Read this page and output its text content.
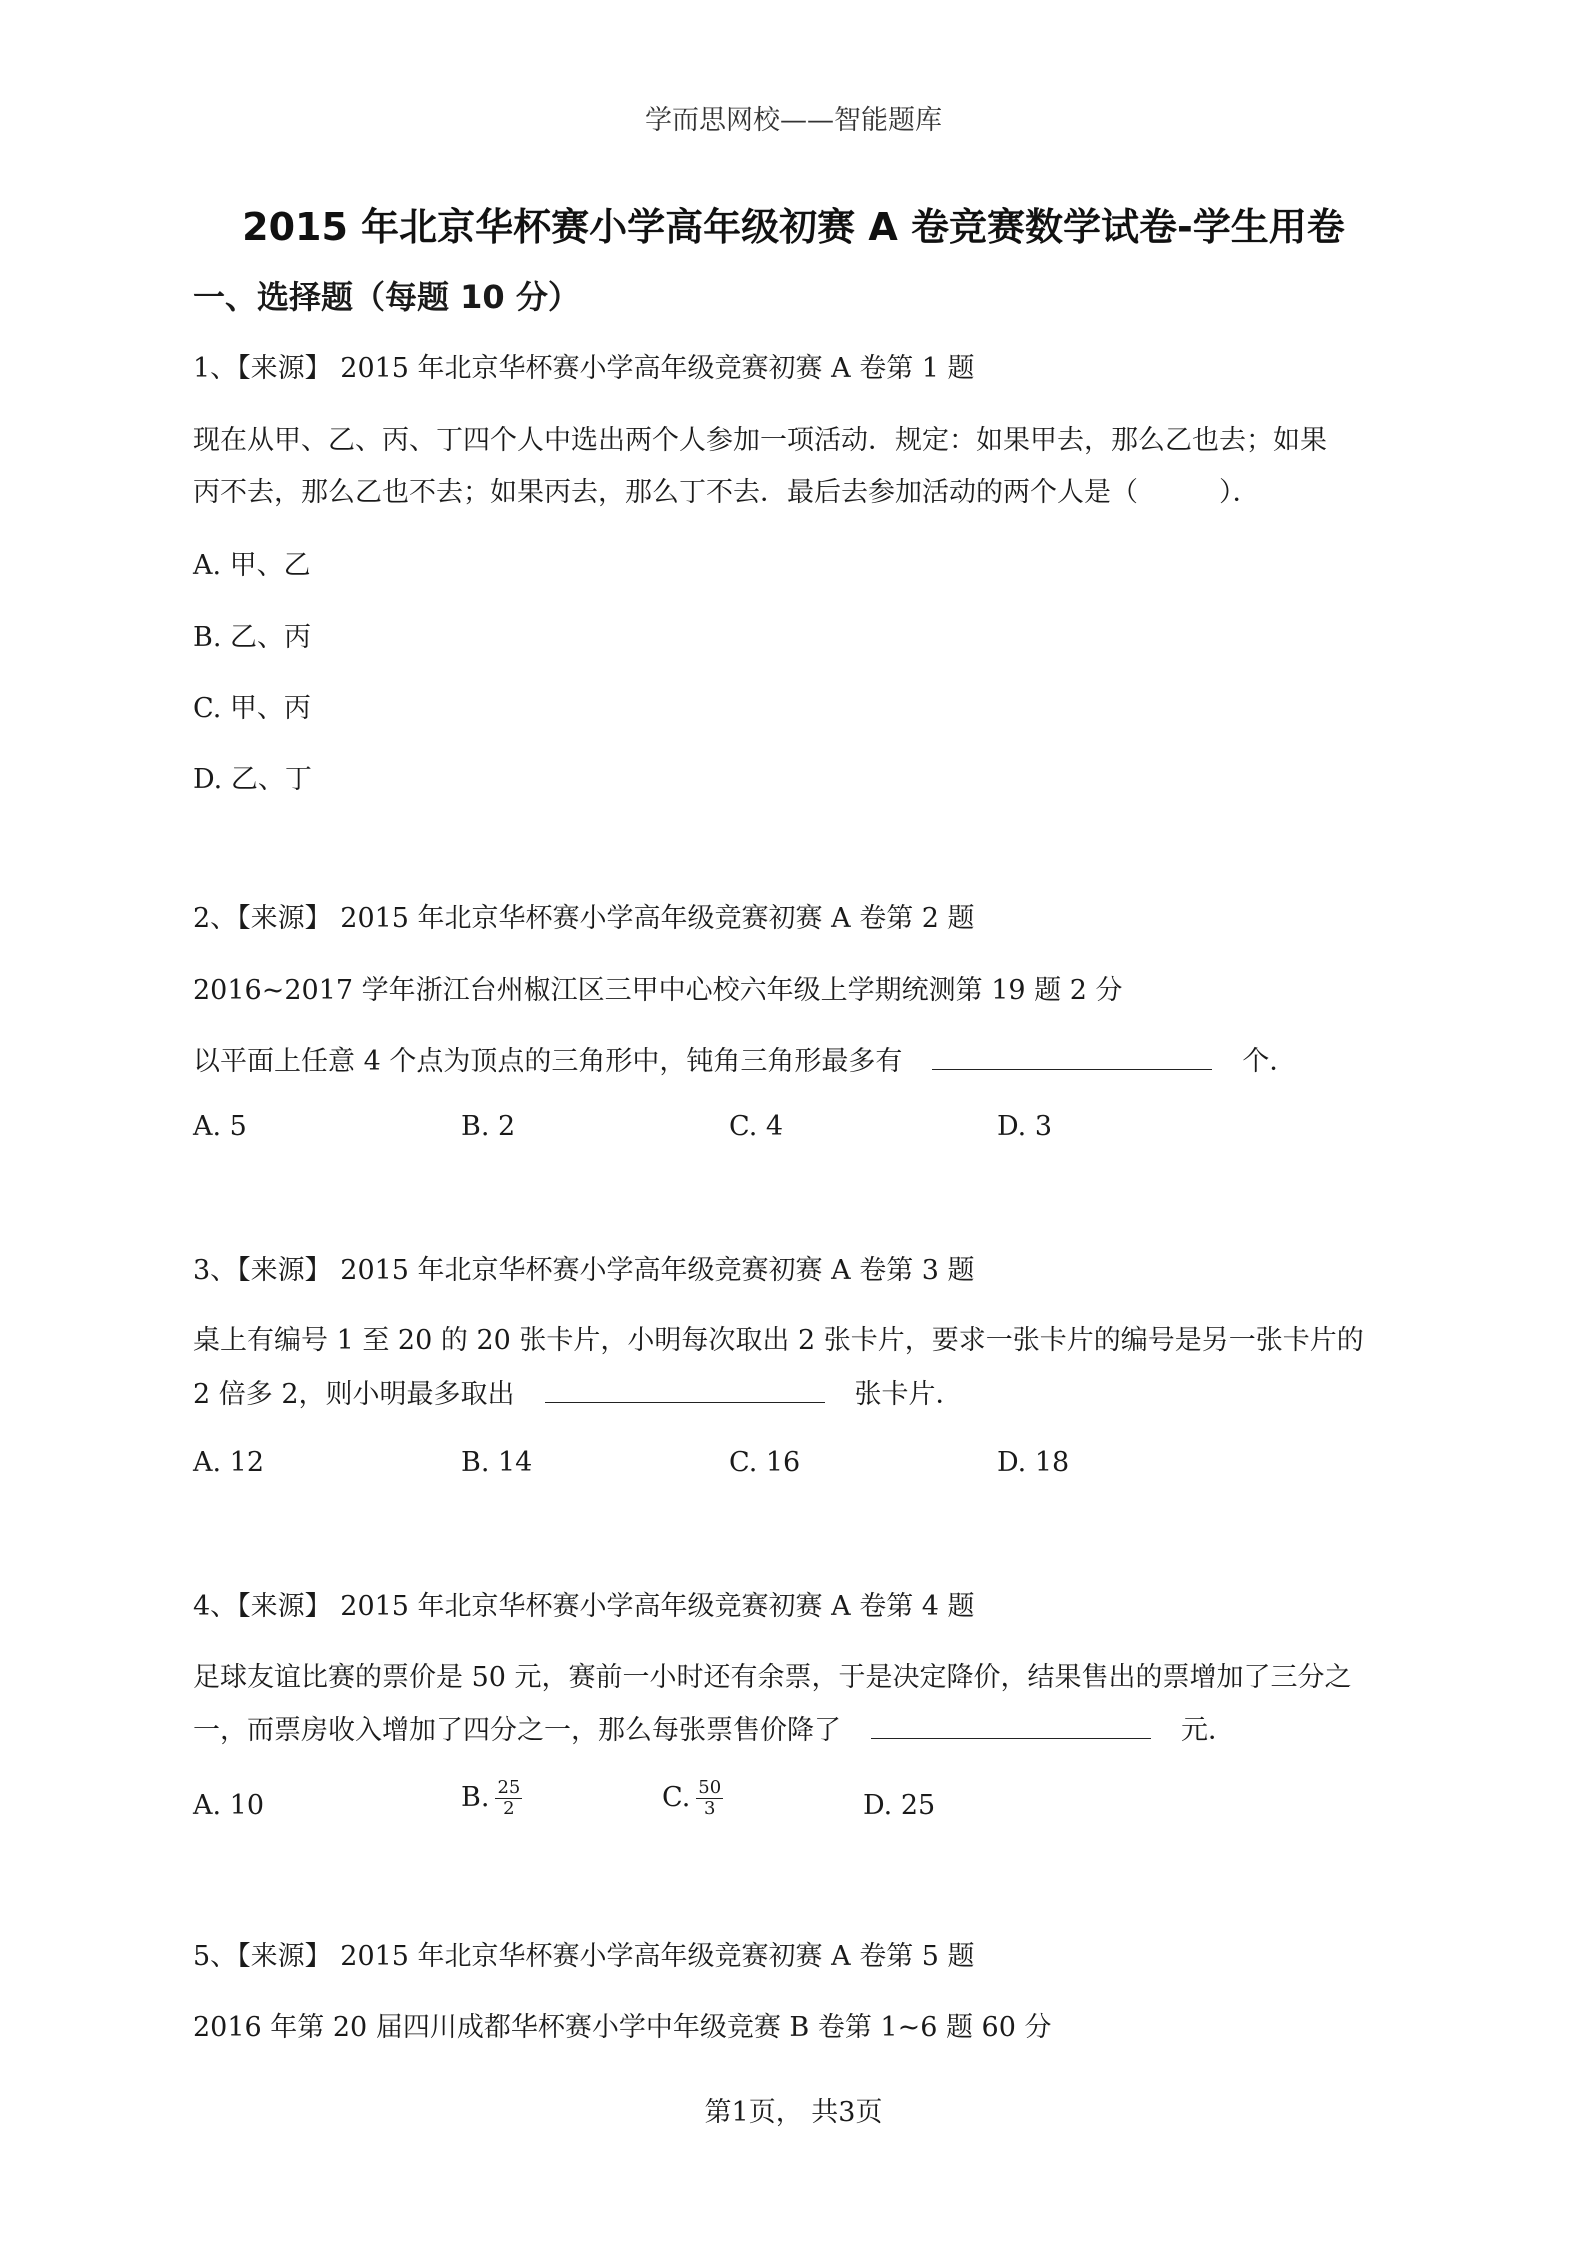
学而思网校——智能题库
2015 年北京华杯赛小学高年级初赛 A 卷竞赛数学试卷-学生用卷
一、选择题（每题 10 分）
1、【来源】 2015 年北京华杯赛小学高年级竞赛初赛 A 卷第 1 题
现在从甲、乙、丙、丁四个人中选出两个人参加一项活动．规定：如果甲去，那么乙也去；如果
丙不去，那么乙也不去；如果丙去，那么丁不去．最后去参加活动的两个人是（　　　）．
A. 甲、乙
B. 乙、丙
C. 甲、丙
D. 乙、丁
2、【来源】 2015 年北京华杯赛小学高年级竞赛初赛 A 卷第 2 题
2016~2017 学年浙江台州椒江区三甲中心校六年级上学期统测第 19 题 2 分
以平面上任意 4 个点为顶点的三角形中，钝角三角形最多有	个．
A. 5	B. 2	C. 4	D. 3
3、【来源】 2015 年北京华杯赛小学高年级竞赛初赛 A 卷第 3 题
桌上有编号 1 至 20 的 20 张卡片，小明每次取出 2 张卡片，要求一张卡片的编号是另一张卡片的
2 倍多 2，则小明最多取出	张卡片．
A. 12	B. 14	C. 16	D. 18
4、【来源】 2015 年北京华杯赛小学高年级竞赛初赛 A 卷第 4 题
足球友谊比赛的票价是 50 元，赛前一小时还有余票，于是决定降价，结果售出的票增加了三分之
一，而票房收入增加了四分之一，那么每张票售价降了	元．
A. 10	B. $\frac{25}{2}$	C. $\frac{50}{3}$	D. 25
5、【来源】 2015 年北京华杯赛小学高年级竞赛初赛 A 卷第 5 题
2016 年第 20 届四川成都华杯赛小学中年级竞赛 B 卷第 1~6 题 60 分
第1页， 共3页
